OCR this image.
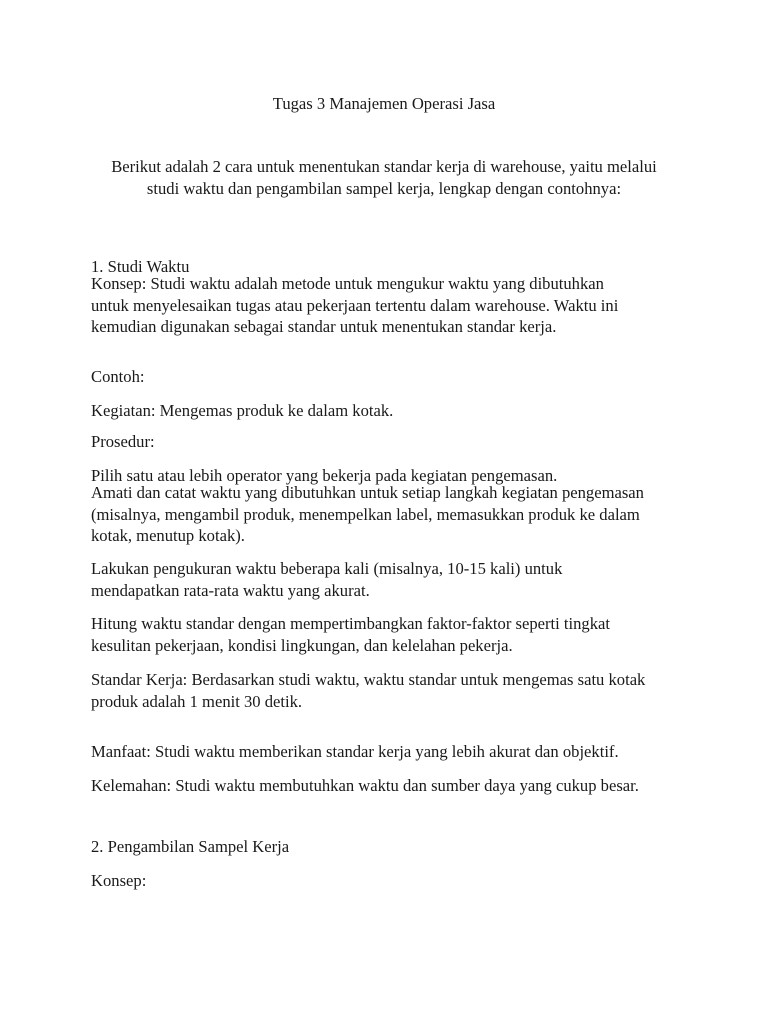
Tugas 3 Manajemen Operasi Jasa
Berikut adalah 2 cara untuk menentukan standar kerja di warehouse, yaitu melalui
studi waktu dan pengambilan sampel kerja, lengkap dengan contohnya:

1. Studi Waktu

Konsep: Studi waktu adalah metode untuk mengukur waktu yang dibutuhkan
untuk menyelesaikan tugas atau pekerjaan tertentu dalam warehouse. Waktu ini
kemudian digunakan sebagai standar untuk menentukan standar kerja.

Contoh:

Kegiatan: Mengemas produk ke dalam kotak.

Prosedur:

Pilih satu atau lebih operator yang bekerja pada kegiatan pengemasan.

Amati dan catat waktu yang dibutuhkan untuk setiap langkah kegiatan pengemasan
(misalnya, mengambil produk, menempelkan label, memasukkan produk ke dalam
kotak, menutup kotak).
Lakukan pengukuran waktu beberapa kali (misalnya, 10-15 kali) untuk
mendapatkan rata-rata waktu yang akurat.
Hitung waktu standar dengan mempertimbangkan faktor-faktor seperti tingkat
kesulitan pekerjaan, kondisi lingkungan, dan kelelahan pekerja.
Standar Kerja: Berdasarkan studi waktu, waktu standar untuk mengemas satu kotak
produk adalah 1 menit 30 detik.

Manfaat: Studi waktu memberikan standar kerja yang lebih akurat dan objektif.

Kelemahan: Studi waktu membutuhkan waktu dan sumber daya yang cukup besar.

2. Pengambilan Sampel Kerja

Konsep:
